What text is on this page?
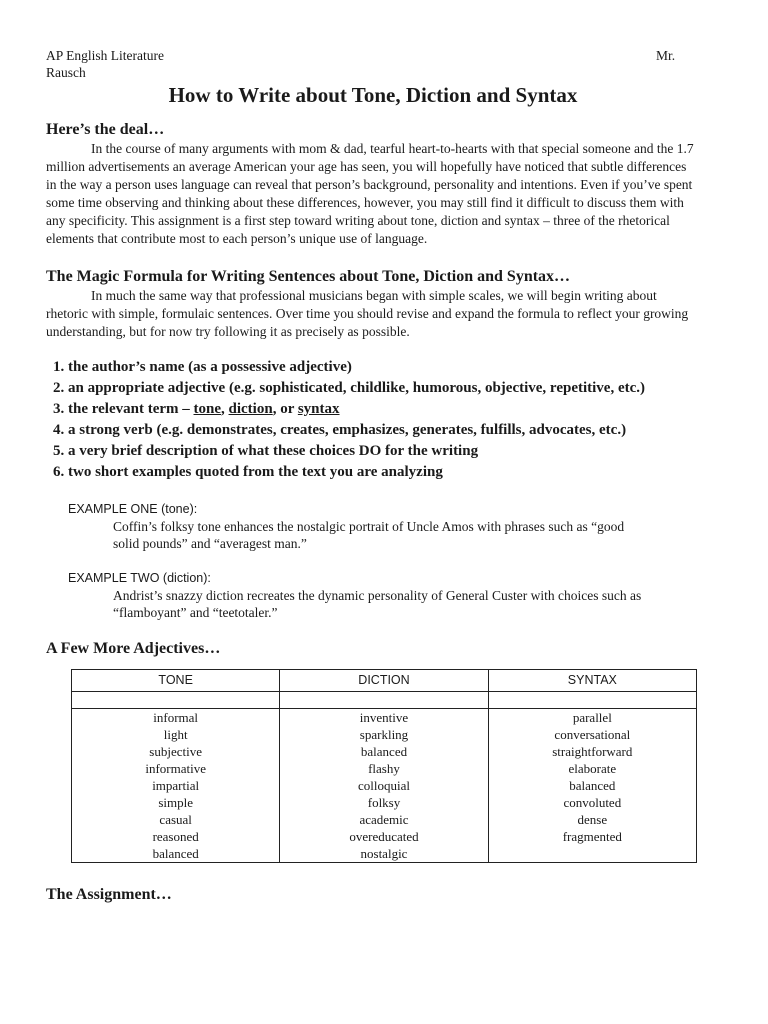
AP English Literature	Mr.
Rausch
How to Write about Tone, Diction and Syntax
Here’s the deal…

In the course of many arguments with mom & dad, tearful heart-to-hearts with that special someone and the 1.7 million advertisements an average American your age has seen, you will hopefully have noticed that subtle differences in the way a person uses language can reveal that person’s background, personality and intentions. Even if you’ve spent some time observing and thinking about these differences, however, you may still find it difficult to discuss them with any specificity. This assignment is a first step toward writing about tone, diction and syntax – three of the rhetorical elements that contribute most to each person’s unique use of language.

The Magic Formula for Writing Sentences about Tone, Diction and Syntax…

In much the same way that professional musicians began with simple scales, we will begin writing about rhetoric with simple, formulaic sentences. Over time you should revise and expand the formula to reflect your growing understanding, but for now try following it as precisely as possible.

1. the author’s name (as a possessive adjective)
2. an appropriate adjective (e.g. sophisticated, childlike, humorous, objective, repetitive, etc.)
3. the relevant term – tone, diction, or syntax
4. a strong verb (e.g. demonstrates, creates, emphasizes, generates, fulfills, advocates, etc.)
5. a very brief description of what these choices DO for the writing
6. two short examples quoted from the text you are analyzing
EXAMPLE ONE (tone):
Coffin’s folksy tone enhances the nostalgic portrait of Uncle Amos with phrases such as “good solid pounds” and “averagest man.”
EXAMPLE TWO (diction):
Andrist’s snazzy diction recreates the dynamic personality of General Custer with choices such as “flamboyant” and “teetotaler.”
A Few More Adjectives…
TONE	DICTION	SYNTAX

informal	inventive	parallel
light	sparkling	conversational
subjective	balanced	straightforward
informative	flashy	elaborate
impartial	colloquial	balanced
simple	folksy	convoluted
casual	academic	dense
reasoned	overeducated	fragmented
balanced	nostalgic	
The Assignment…
